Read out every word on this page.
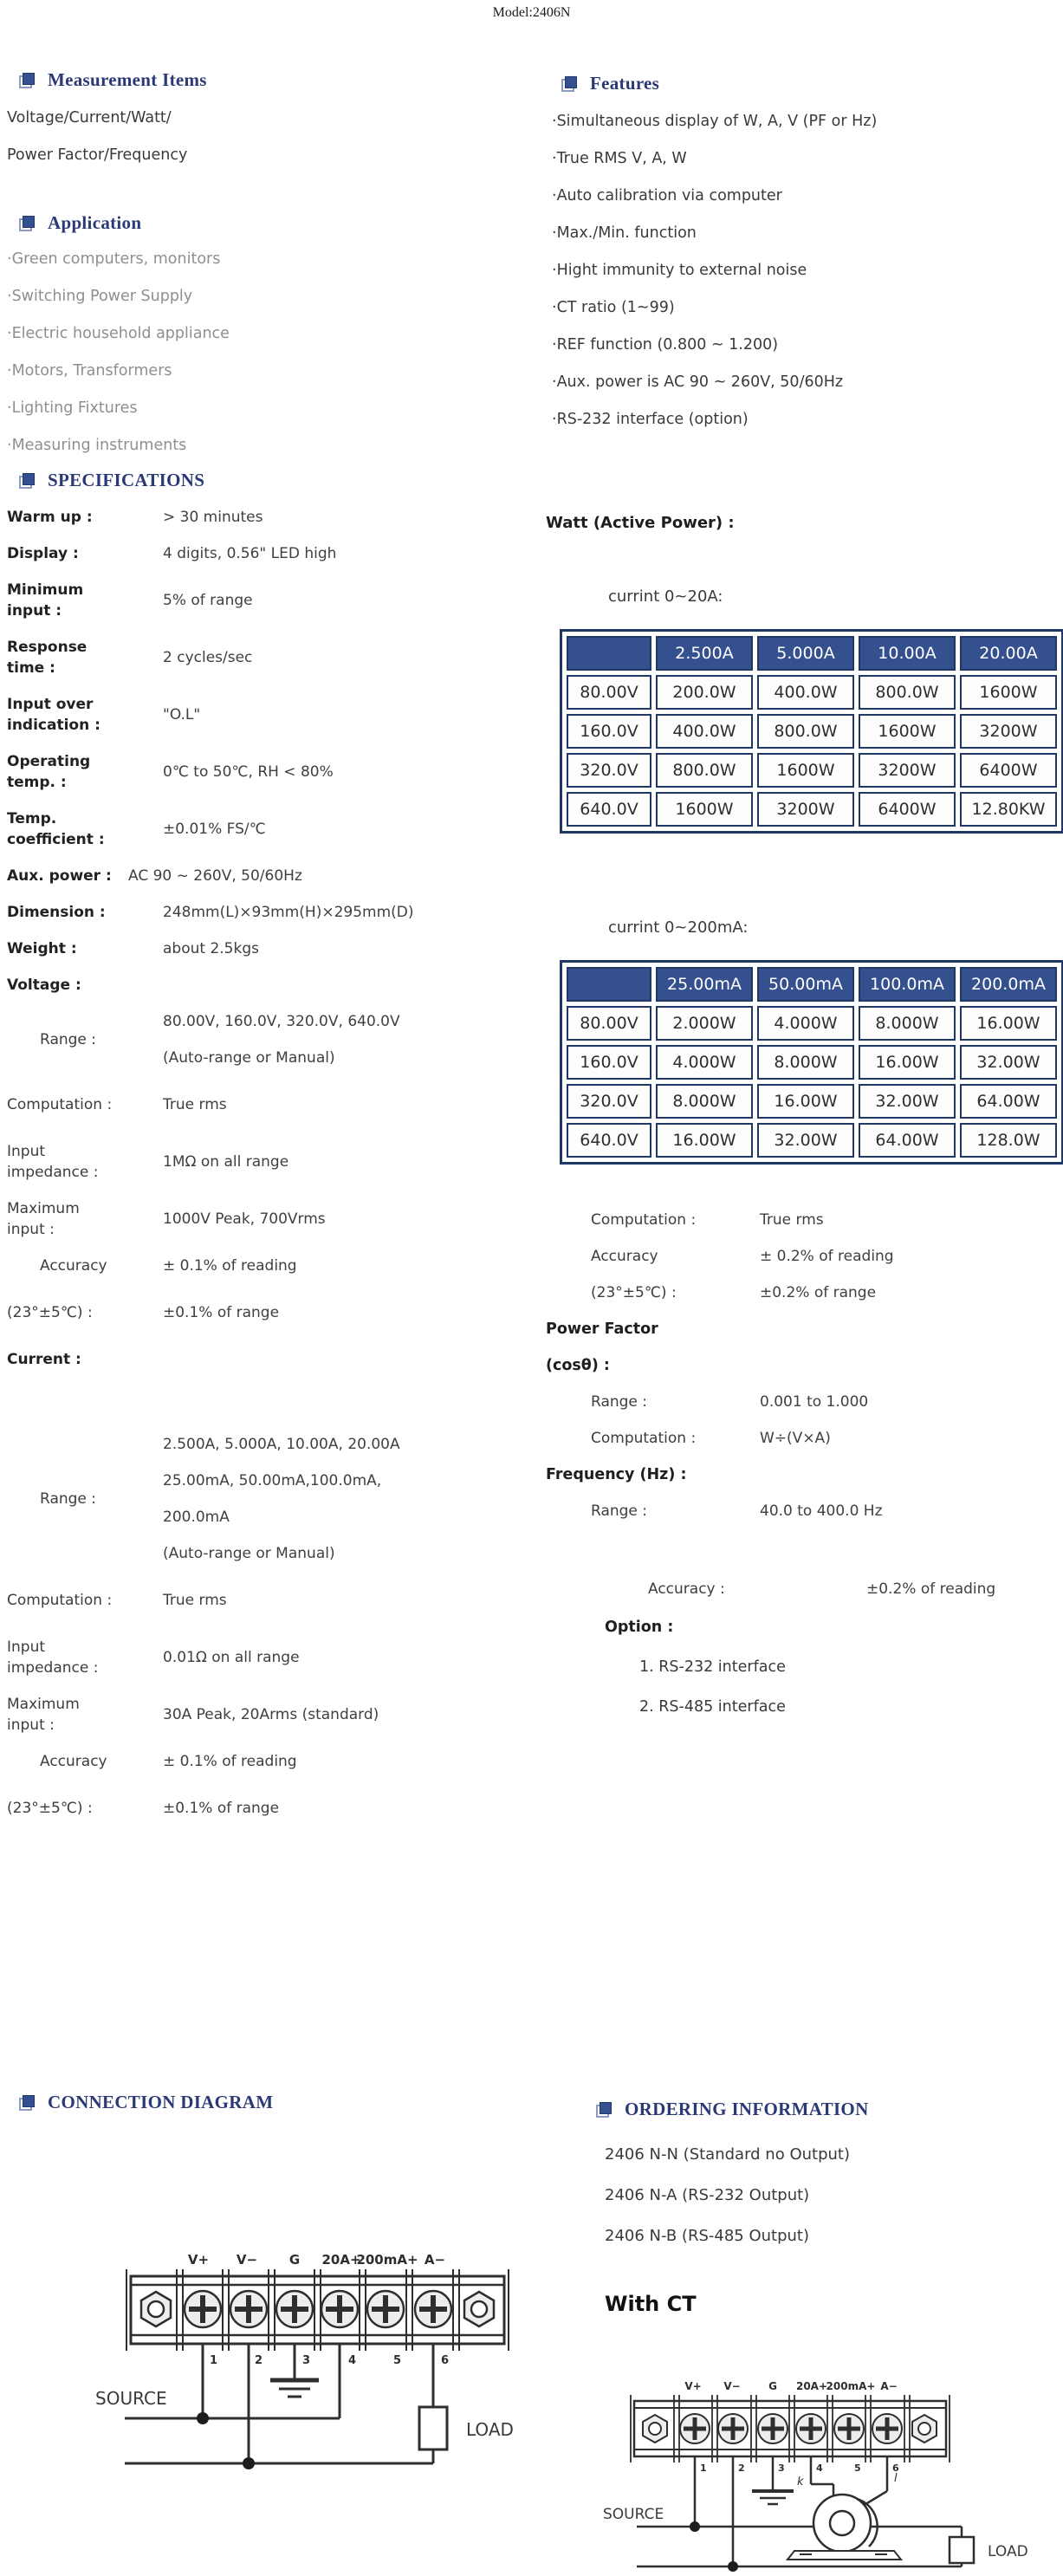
Model:2406N
Measurement Items
Voltage/Current/Watt/
Power Factor/Frequency
Application
·Green computers, monitors
·Switching Power Supply
·Electric household appliance
·Motors, Transformers
·Lighting Fixtures
·Measuring instruments
SPECIFICATIONS
Warm up :	> 30 minutes
Display :	4 digits, 0.56" LED high
Minimum input :
5% of range
Response time :
2 cycles/sec
Input over indication :
"O.L"
Operating temp. :
0℃ to 50℃, RH < 80%
Temp. coefficient :
±0.01% FS/℃
Aux. power :	AC 90 ~ 260V, 50/60Hz
Dimension :	248mm(L)×93mm(H)×295mm(D)
Weight :	about 2.5kgs
Voltage :
Range :
80.00V, 160.0V, 320.0V, 640.0V
(Auto-range or Manual)
Computation :	True rms
Input impedance :
1MΩ on all range
Maximum input :
1000V Peak, 700Vrms
Accuracy	± 0.1% of reading
(23°±5℃) :	±0.1% of range
Current :
Range :
2.500A, 5.000A, 10.00A, 20.00A
25.00mA, 50.00mA,100.0mA,
200.0mA
(Auto-range or Manual)
Computation :	True rms
Input impedance :
0.01Ω on all range
Maximum input :
30A Peak, 20Arms (standard)
Accuracy	± 0.1% of reading
(23°±5℃) :	±0.1% of range
CONNECTION DIAGRAM
V+ V− G 20A+
200mA+ A−
1	2	3	4	5	6
SOURCE
LOAD
Features
·Simultaneous display of W, A, V (PF or Hz)
·True RMS V, A, W
·Auto calibration via computer
·Max./Min. function
·Hight immunity to external noise
·CT ratio (1~99)
·REF function (0.800 ~ 1.200)
·Aux. power is AC 90 ~ 260V, 50/60Hz
·RS-232 interface (option)
Watt (Active Power) :
currint 0~20A:
	2.500A	5.000A	10.00A	20.00A
80.00V	200.0W	400.0W	800.0W	1600W
160.0V	400.0W	800.0W	1600W	3200W
320.0V	800.0W	1600W	3200W	6400W
640.0V	1600W	3200W	6400W	12.80KW
currint 0~200mA:
	25.00mA	50.00mA	100.0mA	200.0mA
80.00V	2.000W	4.000W	8.000W	16.00W
160.0V	4.000W	8.000W	16.00W	32.00W
320.0V	8.000W	16.00W	32.00W	64.00W
640.0V	16.00W	32.00W	64.00W	128.0W
Computation :	True rms
Accuracy	± 0.2% of reading
(23°±5℃) :	±0.2% of range
Power Factor
(cosθ) :
Range :	0.001 to 1.000
Computation :	W÷(V×A)
Frequency (Hz) :
Range :	40.0 to 400.0 Hz
Accuracy :	±0.2% of reading
Option :
1. RS-232 interface
2. RS-485 interface
ORDERING INFORMATION
2406 N-N (Standard no Output)
2406 N-A (RS-232 Output)
2406 N-B (RS-485 Output)
With CT
V+ V−	G 20A+
200mA+ A−
1	2	3	4	5	6
k	l
SOURCE
LOAD
